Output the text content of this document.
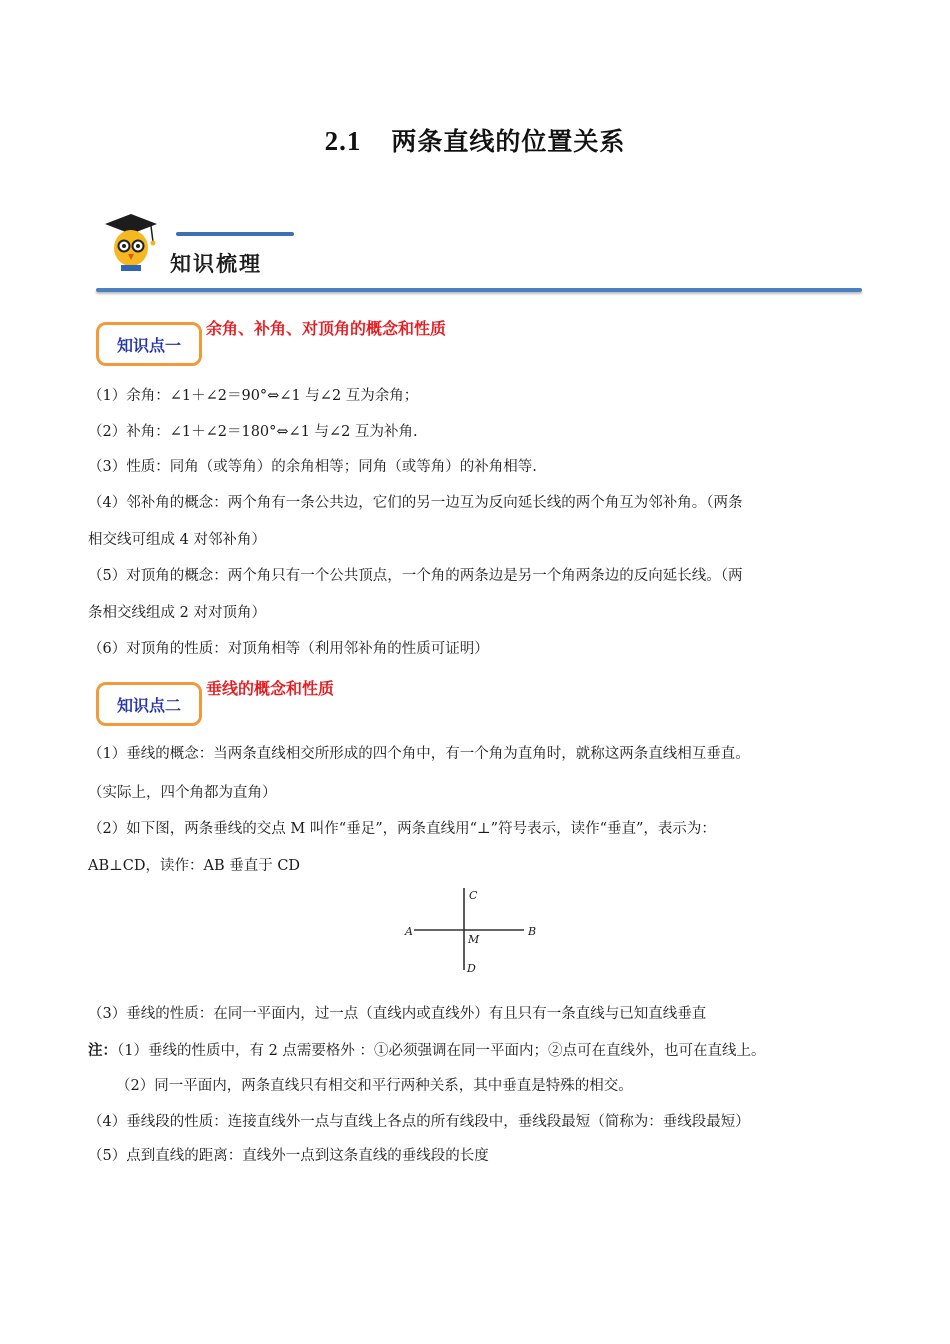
2.1 两条直线的位置关系
知识梳理
知识点一
余角、补角、对顶角的概念和性质
（1）余角：∠1＋∠2＝90°⇔∠1 与∠2 互为余角；
（2）补角：∠1＋∠2＝180°⇔∠1 与∠2 互为补角.
（3）性质：同角（或等角）的余角相等；同角（或等角）的补角相等.
（4）邻补角的概念：两个角有一条公共边，它们的另一边互为反向延长线的两个角互为邻补角。（两条
相交线可组成 4 对邻补角）
（5）对顶角的概念：两个角只有一个公共顶点，一个角的两条边是另一个角两条边的反向延长线。（两
条相交线组成 2 对对顶角）
（6）对顶角的性质：对顶角相等（利用邻补角的性质可证明）
知识点二
垂线的概念和性质
（1）垂线的概念：当两条直线相交所形成的四个角中，有一个角为直角时，就称这两条直线相互垂直。
（实际上，四个角都为直角）
（2）如下图，两条垂线的交点 M 叫作“垂足”，两条直线用“⊥”符号表示，读作“垂直”，表示为：
AB⊥CD，读作：AB 垂直于 CD
A	B
C
D
M
（3）垂线的性质：在同一平面内，过一点（直线内或直线外）有且只有一条直线与已知直线垂直
注：（1）垂线的性质中，有 2 点需要格外 ：①必须强调在同一平面内；②点可在直线外，也可在直线上。
（2）同一平面内，两条直线只有相交和平行两种关系，其中垂直是特殊的相交。
（4）垂线段的性质：连接直线外一点与直线上各点的所有线段中，垂线段最短（简称为：垂线段最短）
（5）点到直线的距离：直线外一点到这条直线的垂线段的长度
